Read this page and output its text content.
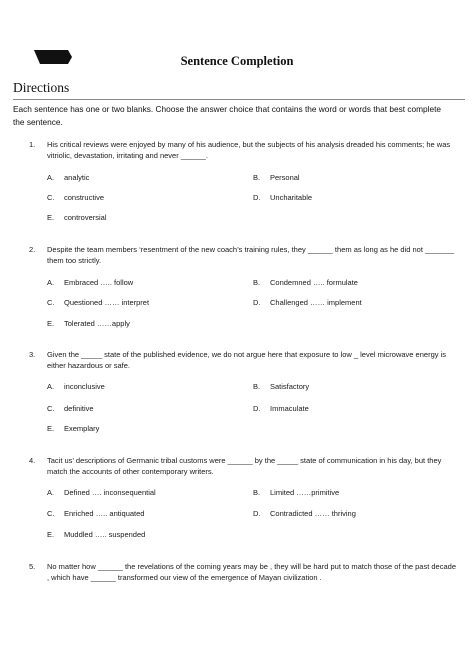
Sentence Completion
Directions
Each sentence has one or two blanks. Choose the answer choice that contains the word or words that best complete the sentence.
1. His critical reviews were enjoyed by many of his audience, but the subjects of his analysis dreaded his comments; he was vitriolic, devastation, irritating and never ______.
A. analytic	B. Personal
C. constructive	D. Uncharitable
E. controversial
2. Despite the team members ‘resentment of the new coach’s training rules, they ______ them as long as he did not _______ them too strictly.
A. Embraced ….. follow	B. Condemned ….. formulate
C. Questioned …… interpret	D. Challenged …… implement
E. Tolerated ……apply
3. Given the _____ state of the published evidence, we do not argue here that exposure to low _ level microwave energy is either hazardous or safe.
A. inconclusive	B. Satisfactory
C. definitive	D. Immaculate
E. Exemplary
4. Tacit us’ descriptions of Germanic tribal customs were ______ by the _____ state of communication in his day, but they match the accounts of other contemporary writers.
A. Defined …. inconsequential	B. Limited ……primitive
C. Enriched ….. antiquated	D. Contradicted …… thriving
E. Muddled ….. suspended
5. No matter how ______ the revelations of the coming years may be , they will be hard put to match those of the past decade , which have ______ transformed our view of the emergence of Mayan civilization .
